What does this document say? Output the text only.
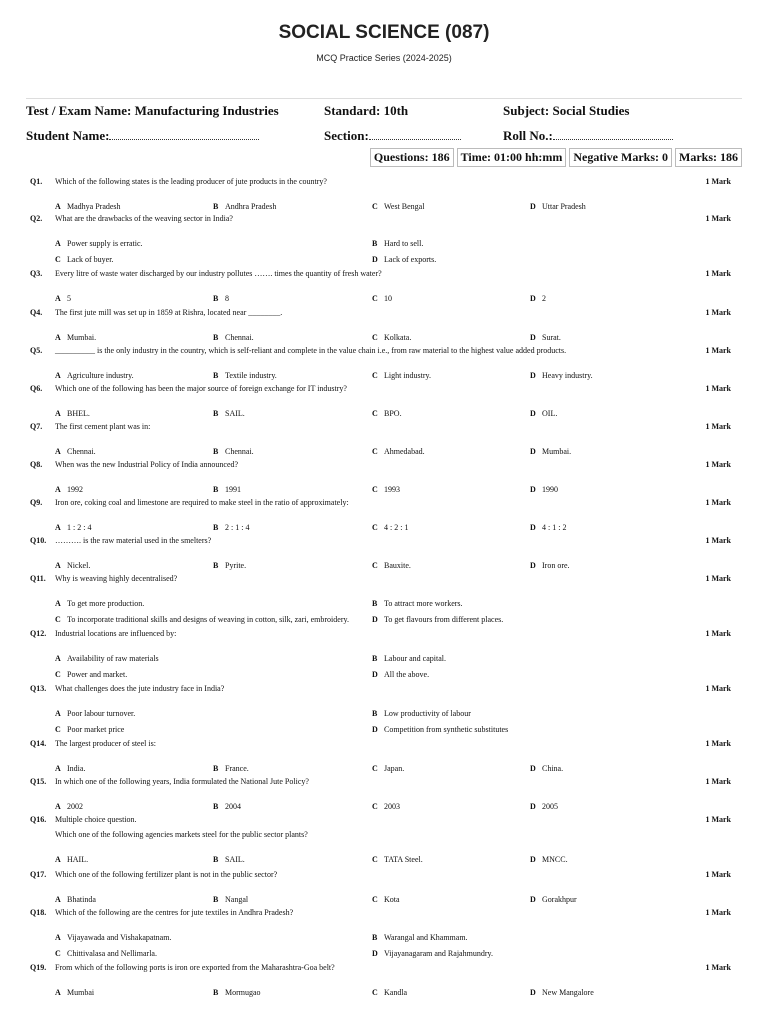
SOCIAL SCIENCE (087)
MCQ Practice Series (2024-2025)
Test / Exam Name: Manufacturing Industries	Standard: 10th	Subject: Social Studies
Student Name:	Section:	Roll No.:
Questions: 186 Time: 01:00 hh:mm Negative Marks: 0 Marks: 186
Q1. Which of the following states is the leading producer of jute products in the country?	1 Mark
A Madhya Pradesh	B Andhra Pradesh	C West Bengal	D Uttar Pradesh
Q2. What are the drawbacks of the weaving sector in India?	1 Mark
A Power supply is erratic.	B Hard to sell.
C Lack of buyer.	D Lack of exports.
Q3. Every litre of waste water discharged by our industry pollutes ……. times the quantity of fresh water?	1 Mark
A 5	B 8	C 10	D 2
Q4. The first jute mill was set up in 1859 at Rishra, located near ________.	1 Mark
A Mumbai.	B Chennai.	C Kolkata.	D Surat.
Q5. __________ is the only industry in the country, which is self-reliant and complete in the value chain i.e., from raw material to the highest value added products.	1 Mark
A Agriculture industry.	B Textile industry.	C Light industry.	D Heavy industry.
Q6. Which one of the following has been the major source of foreign exchange for IT industry?	1 Mark
A BHEL.	B SAIL.	C BPO.	D OIL.
Q7. The first cement plant was in:	1 Mark
A Chennai.	B Chennai.	C Ahmedabad.	D Mumbai.
Q8. When was the new Industrial Policy of India announced?	1 Mark
A 1992	B 1991	C 1993	D 1990
Q9. Iron ore, coking coal and limestone are required to make steel in the ratio of approximately:	1 Mark
A 1 : 2 : 4	B 2 : 1 : 4	C 4 : 2 : 1	D 4 : 1 : 2
Q10. ………. is the raw material used in the smelters?	1 Mark
A Nickel.	B Pyrite.	C Bauxite.	D Iron ore.
Q11. Why is weaving highly decentralised?	1 Mark
A To get more production.	B To attract more workers.
C To incorporate traditional skills and designs of weaving in cotton, silk, zari, embroidery.	D To get flavours from different places.
Q12. Industrial locations are influenced by:	1 Mark
A Availability of raw materials	B Labour and capital.
C Power and market.	D All the above.
Q13. What challenges does the jute industry face in India?	1 Mark
A Poor labour turnover.	B Low productivity of labour
C Poor market price	D Competition from synthetic substitutes
Q14. The largest producer of steel is:	1 Mark
A India.	B France.	C Japan.	D China.
Q15. In which one of the following years, India formulated the National Jute Policy?	1 Mark
A 2002	B 2004	C 2003	D 2005
Q16. Multiple choice question.
Which one of the following agencies markets steel for the public sector plants?
1 Mark
A HAIL.	B SAIL.	C TATA Steel.	D MNCC.
Q17. Which one of the following fertilizer plant is not in the public sector?	1 Mark
A Bhatinda	B Nangal	C Kota	D Gorakhpur
Q18. Which of the following are the centres for jute textiles in Andhra Pradesh?	1 Mark
A Vijayawada and Vishakapatnam.	B Warangal and Khammam.
C Chittivalasa and Nellimarla.	D Vijayanagaram and Rajahmundry.
Q19. From which of the following ports is iron ore exported from the Maharashtra-Goa belt?	1 Mark
A Mumbai	B Mormugao	C Kandla	D New Mangalore
